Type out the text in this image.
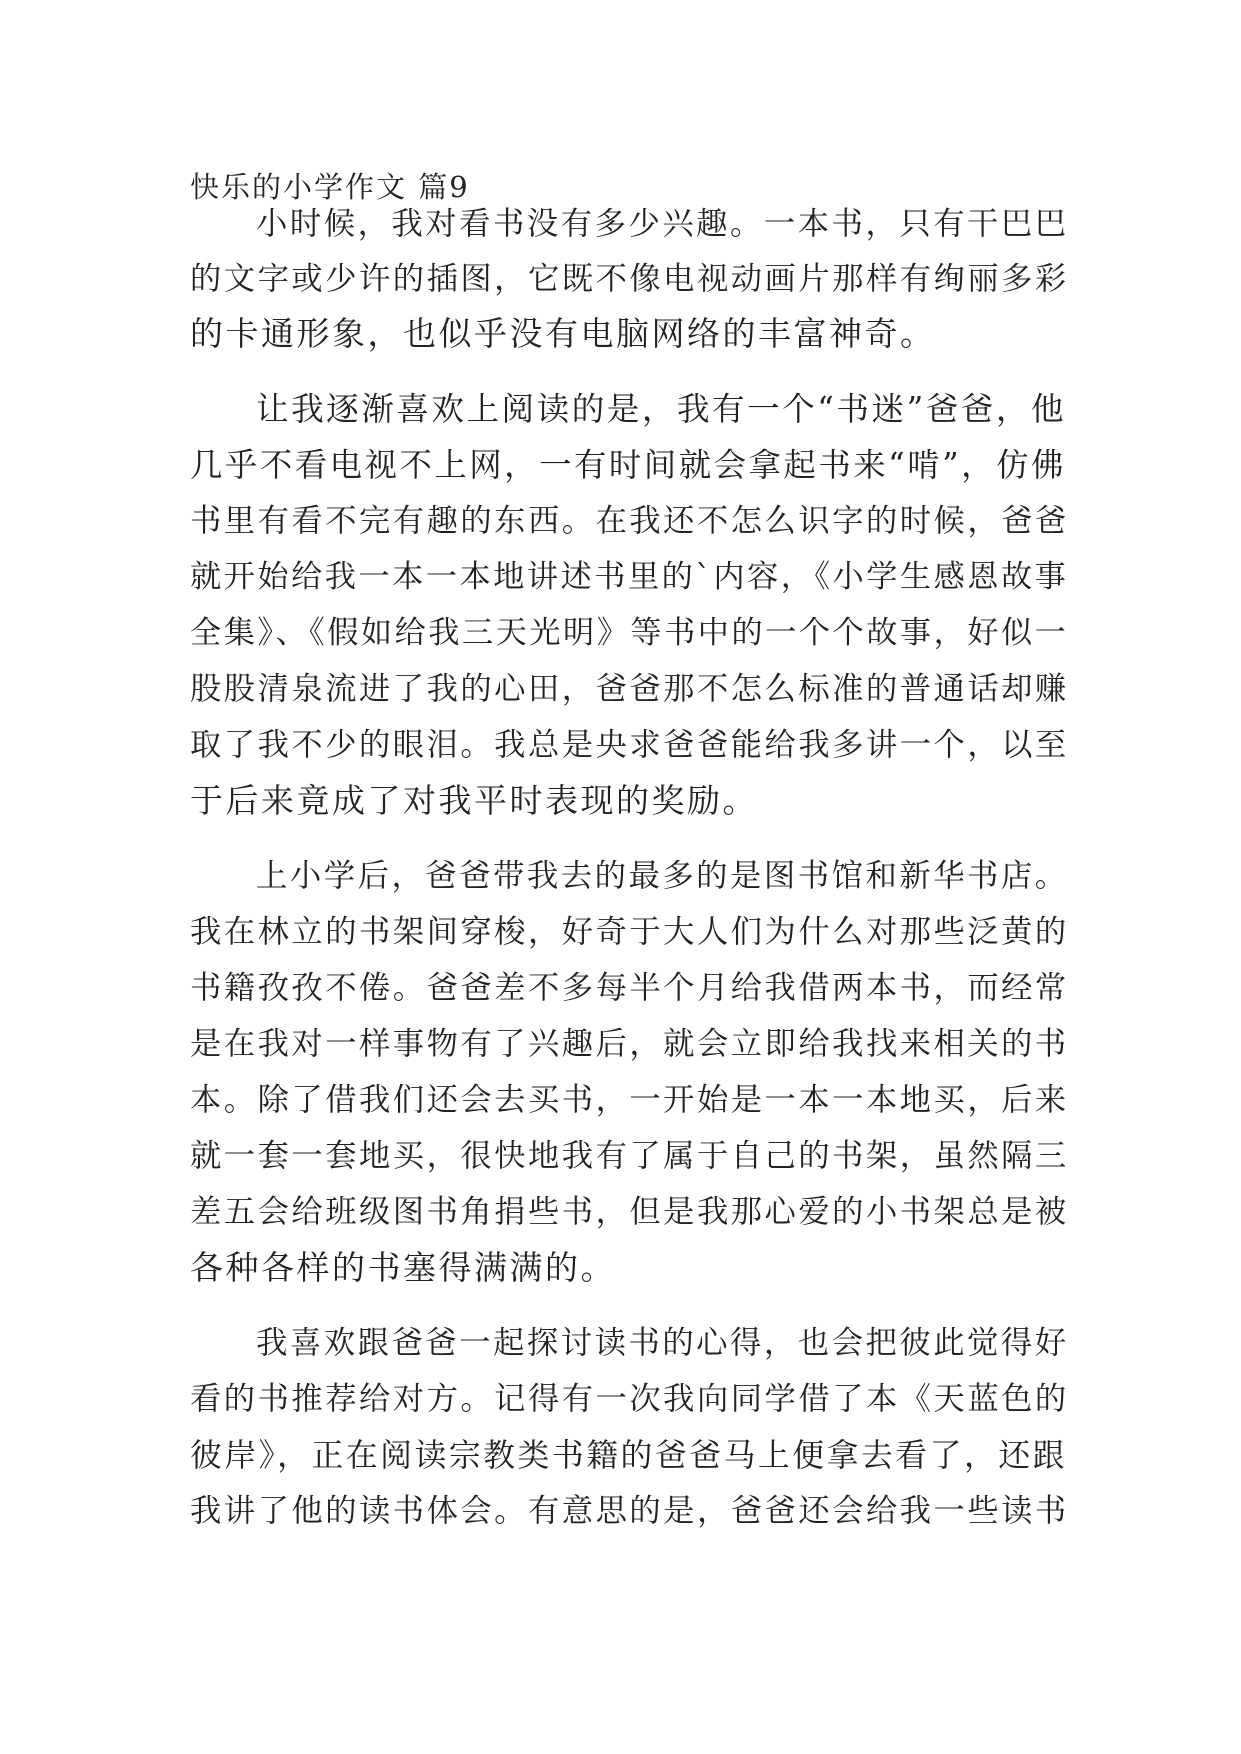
快乐的小学作文 篇9
小时候，我对看书没有多少兴趣。一本书，只有干巴巴
的文字或少许的插图，它既不像电视动画片那样有绚丽多彩
的卡通形象，也似乎没有电脑网络的丰富神奇。
让我逐渐喜欢上阅读的是，我有一个“书迷”爸爸，他
几乎不看电视不上网，一有时间就会拿起书来“啃”，仿佛
书里有看不完有趣的东西。在我还不怎么识字的时候，爸爸
就开始给我一本一本地讲述书里的`内容，《小学生感恩故事
全集》、《假如给我三天光明》等书中的一个个故事，好似一
股股清泉流进了我的心田，爸爸那不怎么标准的普通话却赚
取了我不少的眼泪。我总是央求爸爸能给我多讲一个，以至
于后来竟成了对我平时表现的奖励。
上小学后，爸爸带我去的最多的是图书馆和新华书店。
我在林立的书架间穿梭，好奇于大人们为什么对那些泛黄的
书籍孜孜不倦。爸爸差不多每半个月给我借两本书，而经常
是在我对一样事物有了兴趣后，就会立即给我找来相关的书
本。除了借我们还会去买书，一开始是一本一本地买，后来
就一套一套地买，很快地我有了属于自己的书架，虽然隔三
差五会给班级图书角捐些书，但是我那心爱的小书架总是被
各种各样的书塞得满满的。
我喜欢跟爸爸一起探讨读书的心得，也会把彼此觉得好
看的书推荐给对方。记得有一次我向同学借了本《天蓝色的
彼岸》，正在阅读宗教类书籍的爸爸马上便拿去看了，还跟
我讲了他的读书体会。有意思的是，爸爸还会给我一些读书
